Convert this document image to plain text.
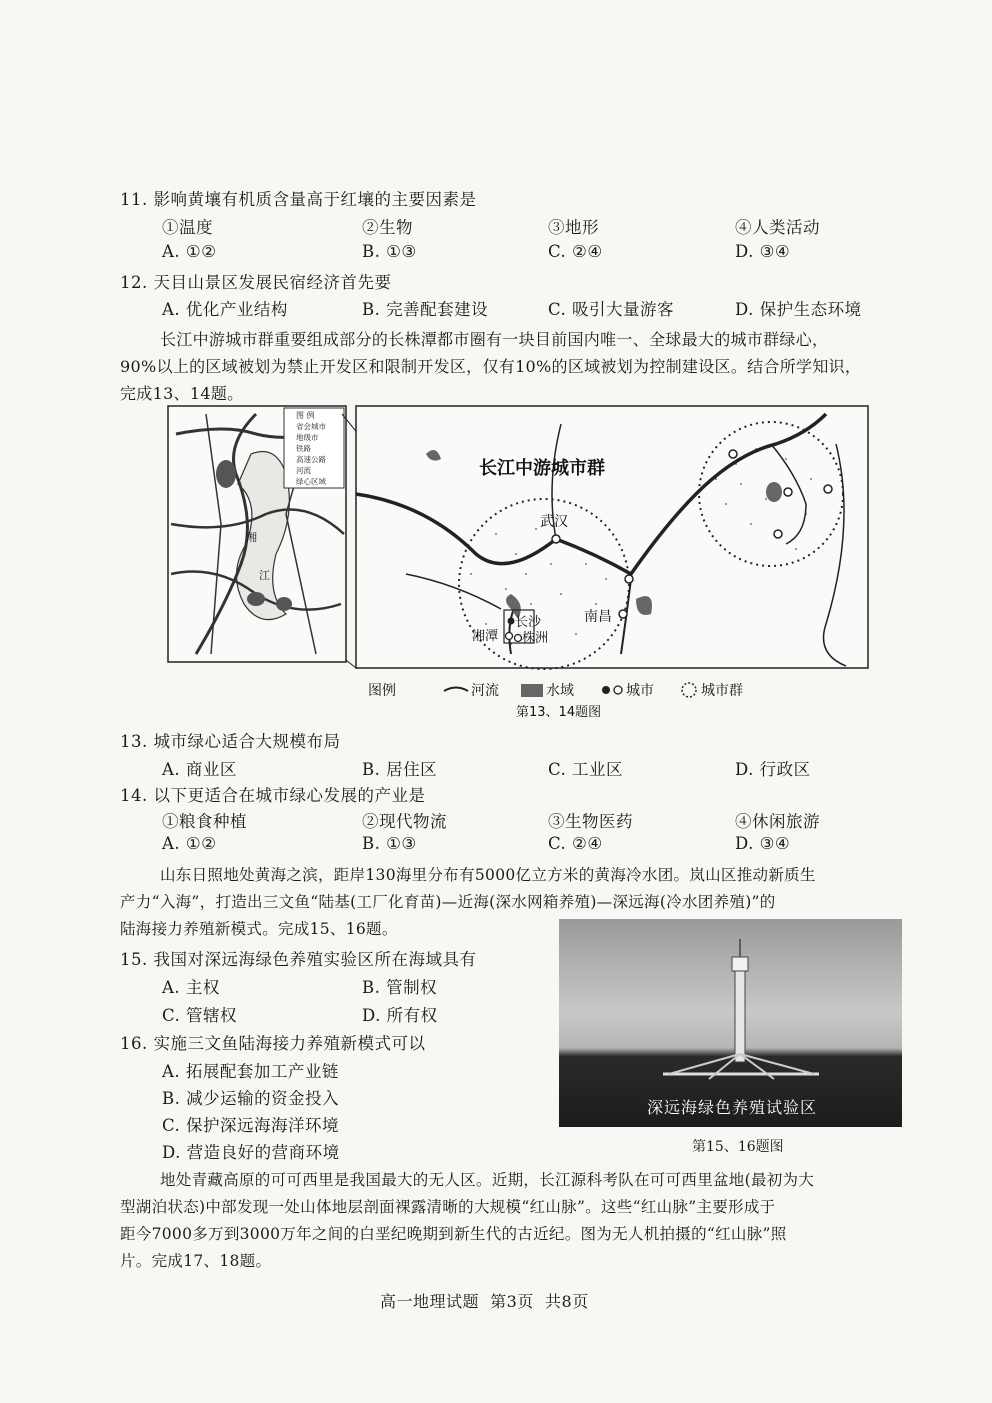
11. 影响黄壤有机质含量高于红壤的主要因素是
①温度	②生物	③地形	④人类活动
A. ①②	B. ①③	C. ②④	D. ③④
12. 天目山景区发展民宿经济首先要
A. 优化产业结构	B. 完善配套建设	C. 吸引大量游客	D. 保护生态环境
长江中游城市群重要组成部分的长株潭都市圈有一块目前国内唯一、全球最大的城市群绿心，
90%以上的区域被划为禁止开发区和限制开发区，仅有10%的区域被划为控制建设区。结合所学知识，
完成13、14题。
湘
江
图 例
省会城市
地级市
铁路
高速公路
河流
绿心区域
长江中游城市群
武汉
南昌
长沙
湘潭 株洲
图例	河流	水域	城市	城市群
第13、14题图
13. 城市绿心适合大规模布局
A. 商业区	B. 居住区	C. 工业区	D. 行政区
14. 以下更适合在城市绿心发展的产业是
①粮食种植	②现代物流	③生物医药	④休闲旅游
A. ①②	B. ①③	C. ②④	D. ③④
山东日照地处黄海之滨，距岸130海里分布有5000亿立方米的黄海冷水团。岚山区推动新质生
产力“入海”，打造出三文鱼“陆基(工厂化育苗)—近海(深水网箱养殖)—深远海(冷水团养殖)”的
陆海接力养殖新模式。完成15、16题。
15. 我国对深远海绿色养殖实验区所在海域具有
A. 主权	B. 管制权
C. 管辖权	D. 所有权
16. 实施三文鱼陆海接力养殖新模式可以
A. 拓展配套加工产业链
B. 减少运输的资金投入
C. 保护深远海海洋环境
D. 营造良好的营商环境
深远海绿色养殖试验区
第15、16题图
地处青藏高原的可可西里是我国最大的无人区。近期，长江源科考队在可可西里盆地(最初为大
型湖泊状态)中部发现一处山体地层剖面裸露清晰的大规模“红山脉”。这些“红山脉”主要形成于
距今7000多万到3000万年之间的白垩纪晚期到新生代的古近纪。图为无人机拍摄的“红山脉”照
片。完成17、18题。
高一地理试题  第3页  共8页
